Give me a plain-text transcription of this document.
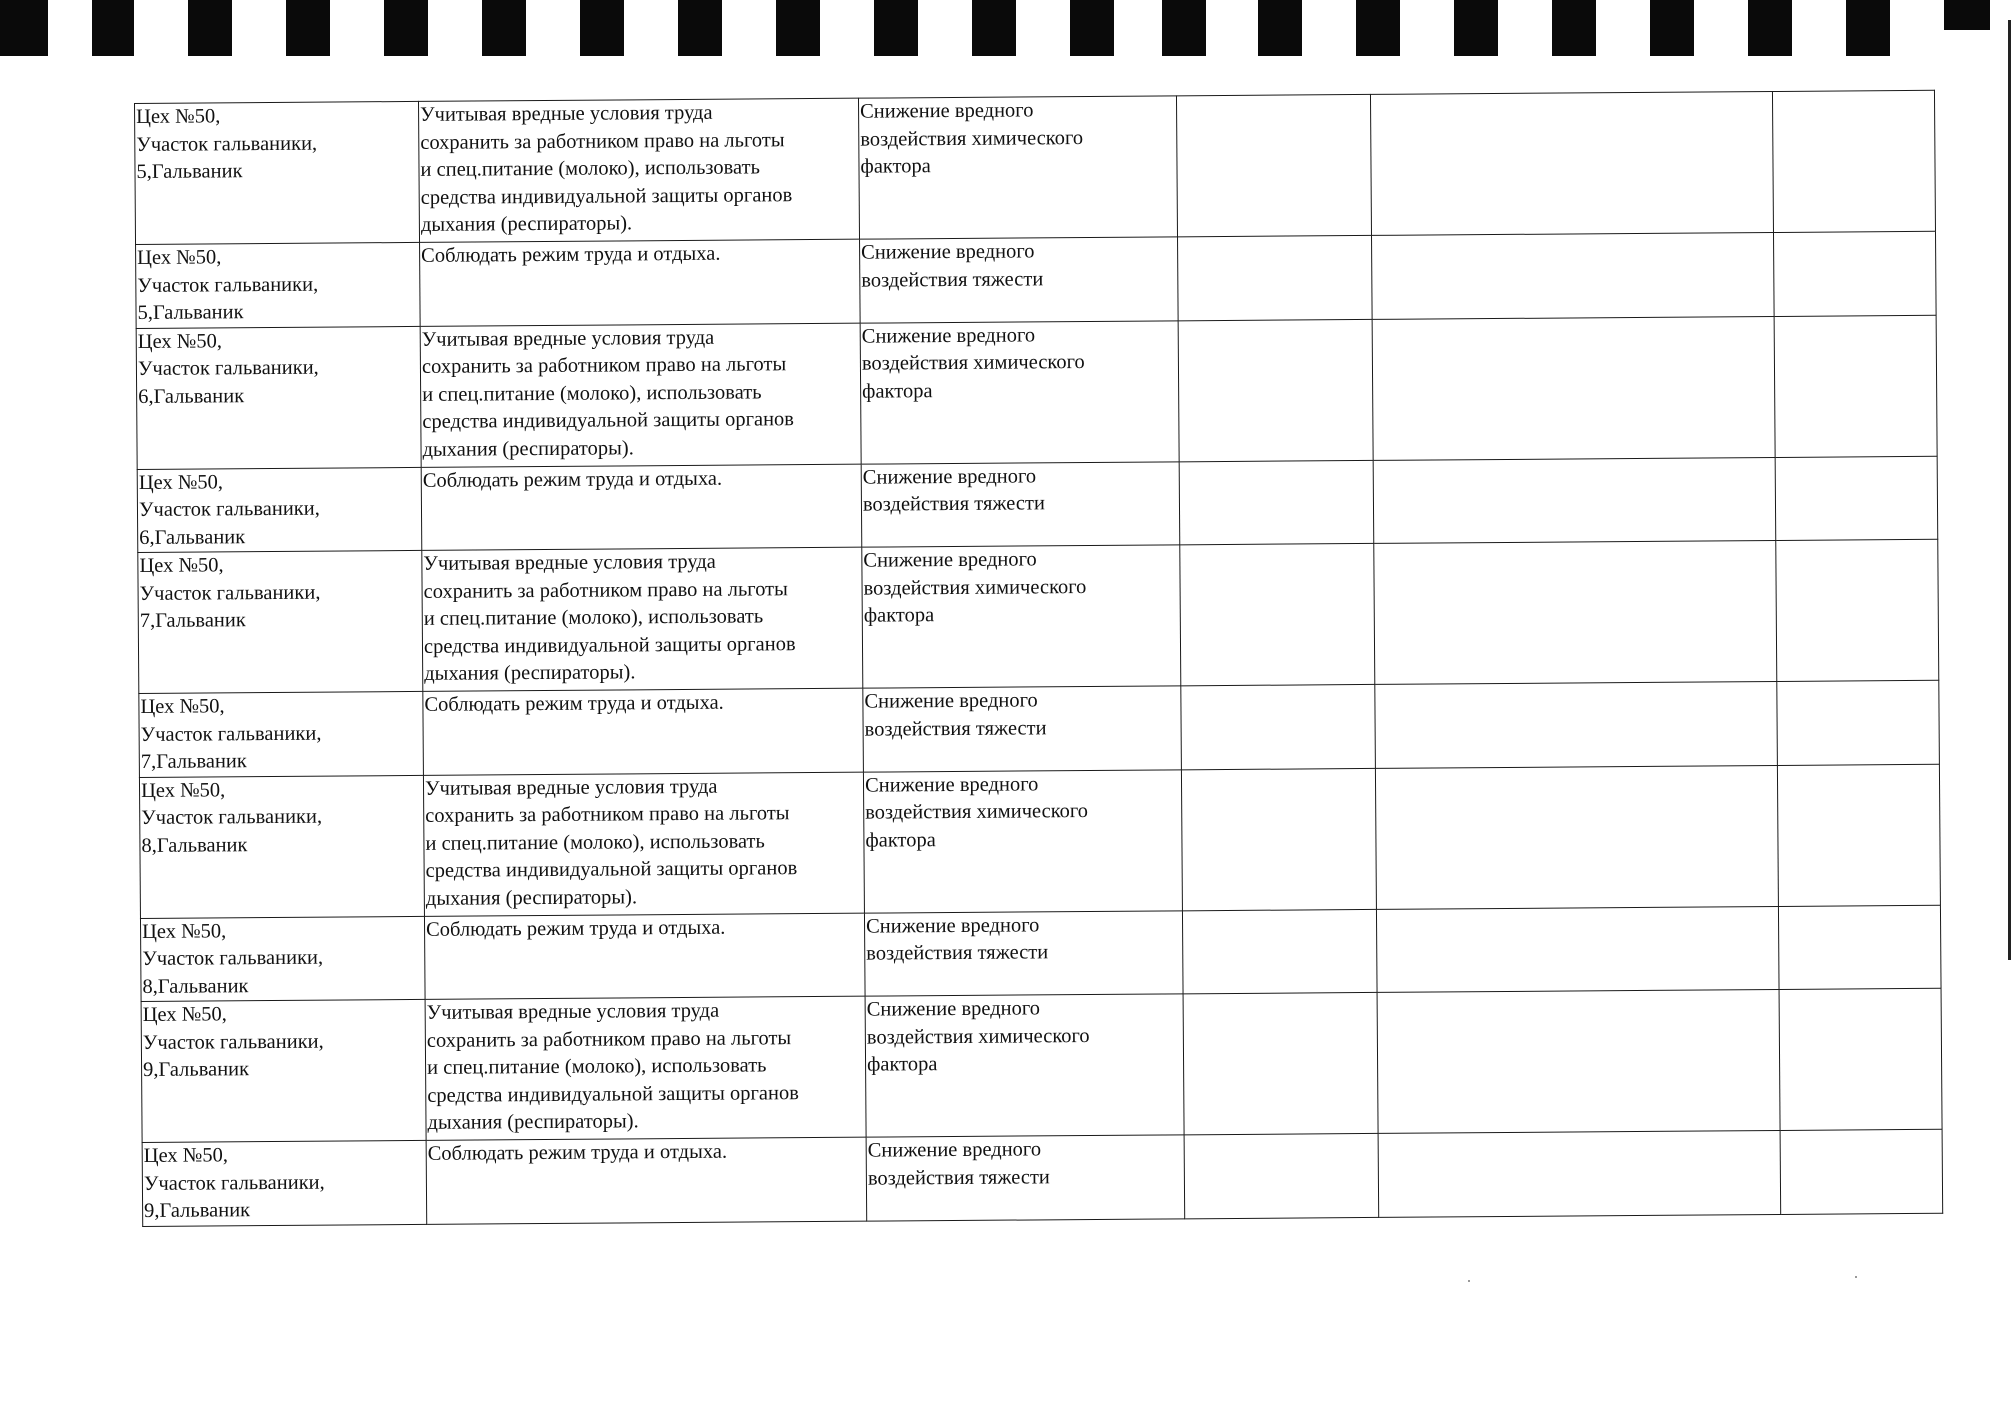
Цех №50,
Участок гальваники,
5,Гальваник	Учитывая вредные условия труда
сохранить за работником право на льготы
и спец.питание (молоко), использовать
средства индивидуальной защиты органов
дыхания (респираторы).	Снижение вредного
воздействия химического
фактора			

Цех №50,
Участок гальваники,
5,Гальваник	Соблюдать режим труда и отдыха.	Снижение вредного
воздействия тяжести			

Цех №50,
Участок гальваники,
6,Гальваник	Учитывая вредные условия труда
сохранить за работником право на льготы
и спец.питание (молоко), использовать
средства индивидуальной защиты органов
дыхания (респираторы).	Снижение вредного
воздействия химического
фактора			

Цех №50,
Участок гальваники,
6,Гальваник	Соблюдать режим труда и отдыха.	Снижение вредного
воздействия тяжести			

Цех №50,
Участок гальваники,
7,Гальваник	Учитывая вредные условия труда
сохранить за работником право на льготы
и спец.питание (молоко), использовать
средства индивидуальной защиты органов
дыхания (респираторы).	Снижение вредного
воздействия химического
фактора			

Цех №50,
Участок гальваники,
7,Гальваник	Соблюдать режим труда и отдыха.	Снижение вредного
воздействия тяжести			

Цех №50,
Участок гальваники,
8,Гальваник	Учитывая вредные условия труда
сохранить за работником право на льготы
и спец.питание (молоко), использовать
средства индивидуальной защиты органов
дыхания (респираторы).	Снижение вредного
воздействия химического
фактора			

Цех №50,
Участок гальваники,
8,Гальваник	Соблюдать режим труда и отдыха.	Снижение вредного
воздействия тяжести			

Цех №50,
Участок гальваники,
9,Гальваник	Учитывая вредные условия труда
сохранить за работником право на льготы
и спец.питание (молоко), использовать
средства индивидуальной защиты органов
дыхания (респираторы).	Снижение вредного
воздействия химического
фактора			

Цех №50,
Участок гальваники,
9,Гальваник	Соблюдать режим труда и отдыха.	Снижение вредного
воздействия тяжести			
